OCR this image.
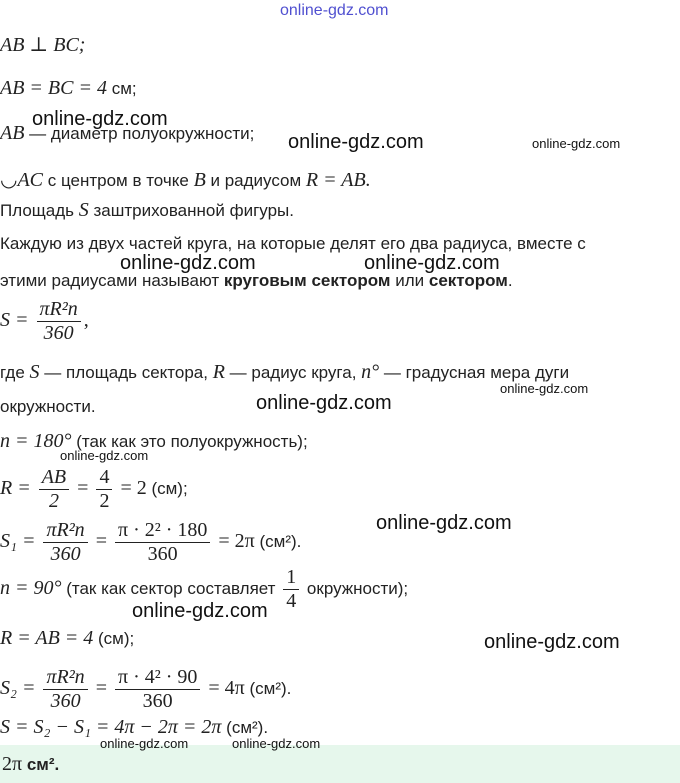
online-gdz.com
AB ⊥ BC;
AB = BC = 4 см;
AB — диаметр полуокружности;
◡AC с центром в точке B и радиусом R = AB.
Площадь S заштрихованной фигуры.
Каждую из двух частей круга, на которые делят его два радиуса, вместе с
этими радиусами называют круговым сектором или сектором.
$S = \frac{\text{πR²n}}{360}$ ,
где S — площадь сектора, R — радиус круга, n° — градусная мера дуги
окружности.
n = 180° (так как это полуокружность);
$R = \frac{AB}{2} = \frac{4}{2} = 2$ (см);
$S_1 = \frac{\text{πR²n}}{360} = \frac{\text{π · 2² · 180}}{360} = 2\pi$ (см²).
n = 90° (так как сектор составляет $\frac{1}{4}$ окружности);
R = AB = 4 (см);
$S_2 = \frac{\text{πR²n}}{360} = \frac{\text{π · 4² · 90}}{360} = 4\pi$ (см²).
S = S₂ − S₁ = 4π − 2π = 2π (см²).
2π см².
online-gdz.com
online-gdz.com	online-gdz.com
online-gdz.com	online-gdz.com
online-gdz.com
online-gdz.com
online-gdz.com
online-gdz.com
online-gdz.com
online-gdz.com
online-gdz.com	online-gdz.com
